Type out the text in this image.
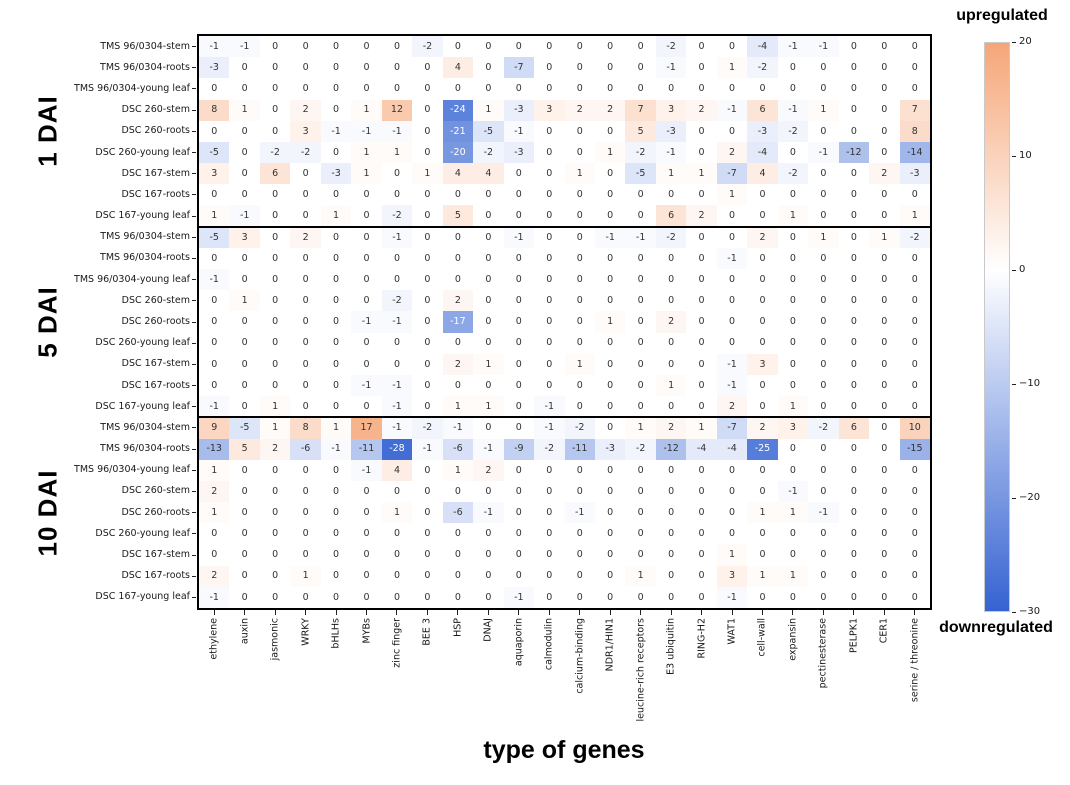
-1	-1	0	0	0	0	0	-2	0	0	0	0	0	0	0	-2	0	0	-4	-1	-1	0	0	0
-3	0	0	0	0	0	0	0	4	0	-7	0	0	0	0	-1	0	1	-2	0	0	0	0	0
0	0	0	0	0	0	0	0	0	0	0	0	0	0	0	0	0	0	0	0	0	0	0	0
8	1	0	2	0	1	12	0	-24	1	-3	3	2	2	7	3	2	-1	6	-1	1	0	0	7
0	0	0	3	-1	-1	-1	0	-21	-5	-1	0	0	0	5	-3	0	0	-3	-2	0	0	0	8
-5	0	-2	-2	0	1	1	0	-20	-2	-3	0	0	1	-2	-1	0	2	-4	0	-1	-12	0	-14
3	0	6	0	-3	1	0	1	4	4	0	0	1	0	-5	1	1	-7	4	-2	0	0	2	-3
0	0	0	0	0	0	0	0	0	0	0	0	0	0	0	0	0	1	0	0	0	0	0	0
1	-1	0	0	1	0	-2	0	5	0	0	0	0	0	0	6	2	0	0	1	0	0	0	1
-5	3	0	2	0	0	-1	0	0	0	-1	0	0	-1	-1	-2	0	0	2	0	1	0	1	-2
0	0	0	0	0	0	0	0	0	0	0	0	0	0	0	0	0	-1	0	0	0	0	0	0
-1	0	0	0	0	0	0	0	0	0	0	0	0	0	0	0	0	0	0	0	0	0	0	0
0	1	0	0	0	0	-2	0	2	0	0	0	0	0	0	0	0	0	0	0	0	0	0	0
0	0	0	0	0	-1	-1	0	-17	0	0	0	0	1	0	2	0	0	0	0	0	0	0	0
0	0	0	0	0	0	0	0	0	0	0	0	0	0	0	0	0	0	0	0	0	0	0	0
0	0	0	0	0	0	0	0	2	1	0	0	1	0	0	0	0	-1	3	0	0	0	0	0
0	0	0	0	0	-1	-1	0	0	0	0	0	0	0	0	1	0	-1	0	0	0	0	0	0
-1	0	1	0	0	0	-1	0	1	1	0	-1	0	0	0	0	0	2	0	1	0	0	0	0
9	-5	1	8	1	17	-1	-2	-1	0	0	-1	-2	0	1	2	1	-7	2	3	-2	6	0	10
-13	5	2	-6	-1	-11	-28	-1	-6	-1	-9	-2	-11	-3	-2	-12	-4	-4	-25	0	0	0	0	-15
1	0	0	0	0	-1	4	0	1	2	0	0	0	0	0	0	0	0	0	0	0	0	0	0
2	0	0	0	0	0	0	0	0	0	0	0	0	0	0	0	0	0	0	-1	0	0	0	0
1	0	0	0	0	0	1	0	-6	-1	0	0	-1	0	0	0	0	0	1	1	-1	0	0	0
0	0	0	0	0	0	0	0	0	0	0	0	0	0	0	0	0	0	0	0	0	0	0	0
0	0	0	0	0	0	0	0	0	0	0	0	0	0	0	0	0	1	0	0	0	0	0	0
2	0	0	1	0	0	0	0	0	0	0	0	0	0	1	0	0	3	1	1	0	0	0	0
-1	0	0	0	0	0	0	0	0	0	-1	0	0	0	0	0	0	-1	0	0	0	0	0	0
type of genes
upregulated
downregulated
TMS 96/0304-stem
TMS 96/0304-roots
TMS 96/0304-young leaf
DSC 260-stem
DSC 260-roots
DSC 260-young leaf
DSC 167-stem
DSC 167-roots
DSC 167-young leaf
TMS 96/0304-stem
TMS 96/0304-roots
TMS 96/0304-young leaf
DSC 260-stem
DSC 260-roots
DSC 260-young leaf
DSC 167-stem
DSC 167-roots
DSC 167-young leaf
TMS 96/0304-stem
TMS 96/0304-roots
TMS 96/0304-young leaf
DSC 260-stem
DSC 260-roots
DSC 260-young leaf
DSC 167-stem
DSC 167-roots
DSC 167-young leaf
1 DAI
5 DAI
10 DAI
ethylene auxin jasmonic WRKY bHLHs MYBs zinc finger BEE 3 HSP DNAJ aquaporin calmodulin calcium-binding NDR1/HIN1 leucine-rich receptors E3 ubiquitin RING-H2 WAT1 cell-wall expansin pectinesterase PELPK1 CER1 serine / threonine
20
10
0
−10
−20
−30
